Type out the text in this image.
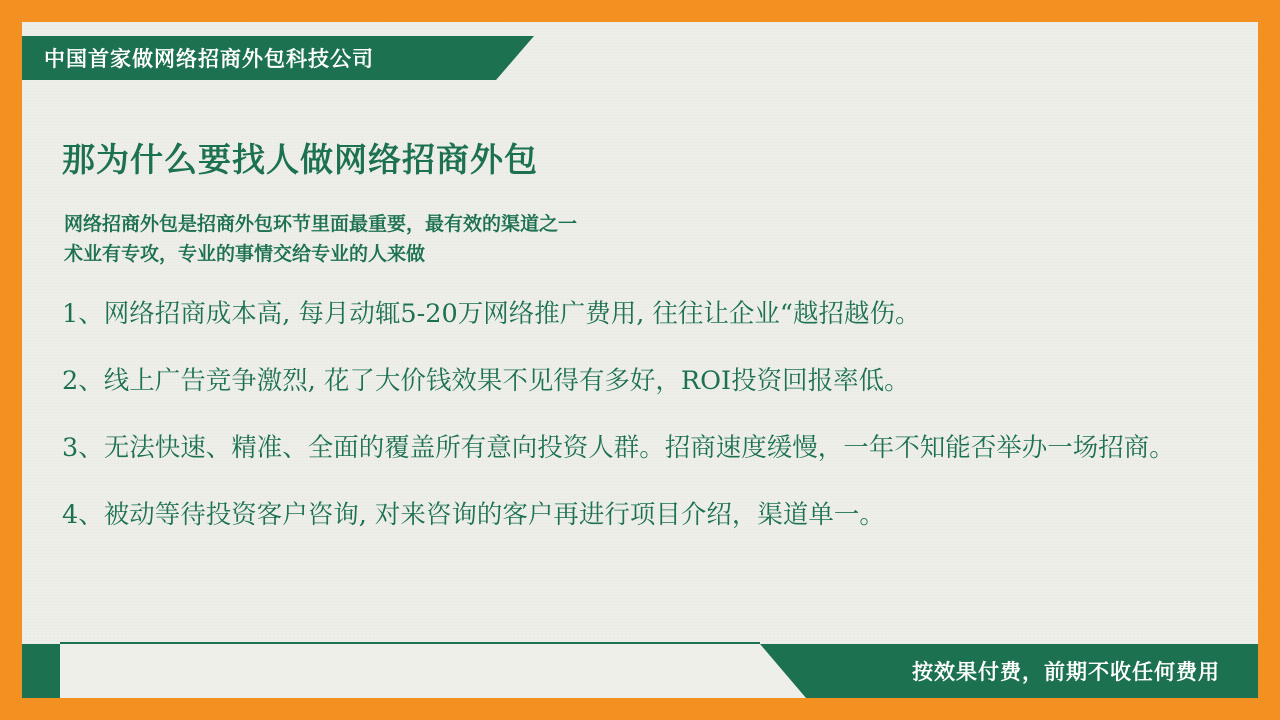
中国首家做网络招商外包科技公司
那为什么要找人做网络招商外包
网络招商外包是招商外包环节里面最重要，最有效的渠道之一
术业有专攻，专业的事情交给专业的人来做
1、网络招商成本高, 每月动辄5-20万网络推广费用, 往往让企业“越招越伤。
2、线上广告竞争激烈, 花了大价钱效果不见得有多好，ROI投资回报率低。
3、无法快速、精准、全面的覆盖所有意向投资人群。招商速度缓慢，一年不知能否举办一场招商。
4、被动等待投资客户咨询, 对来咨询的客户再进行项目介绍，渠道单一。
按效果付费，前期不收任何费用
